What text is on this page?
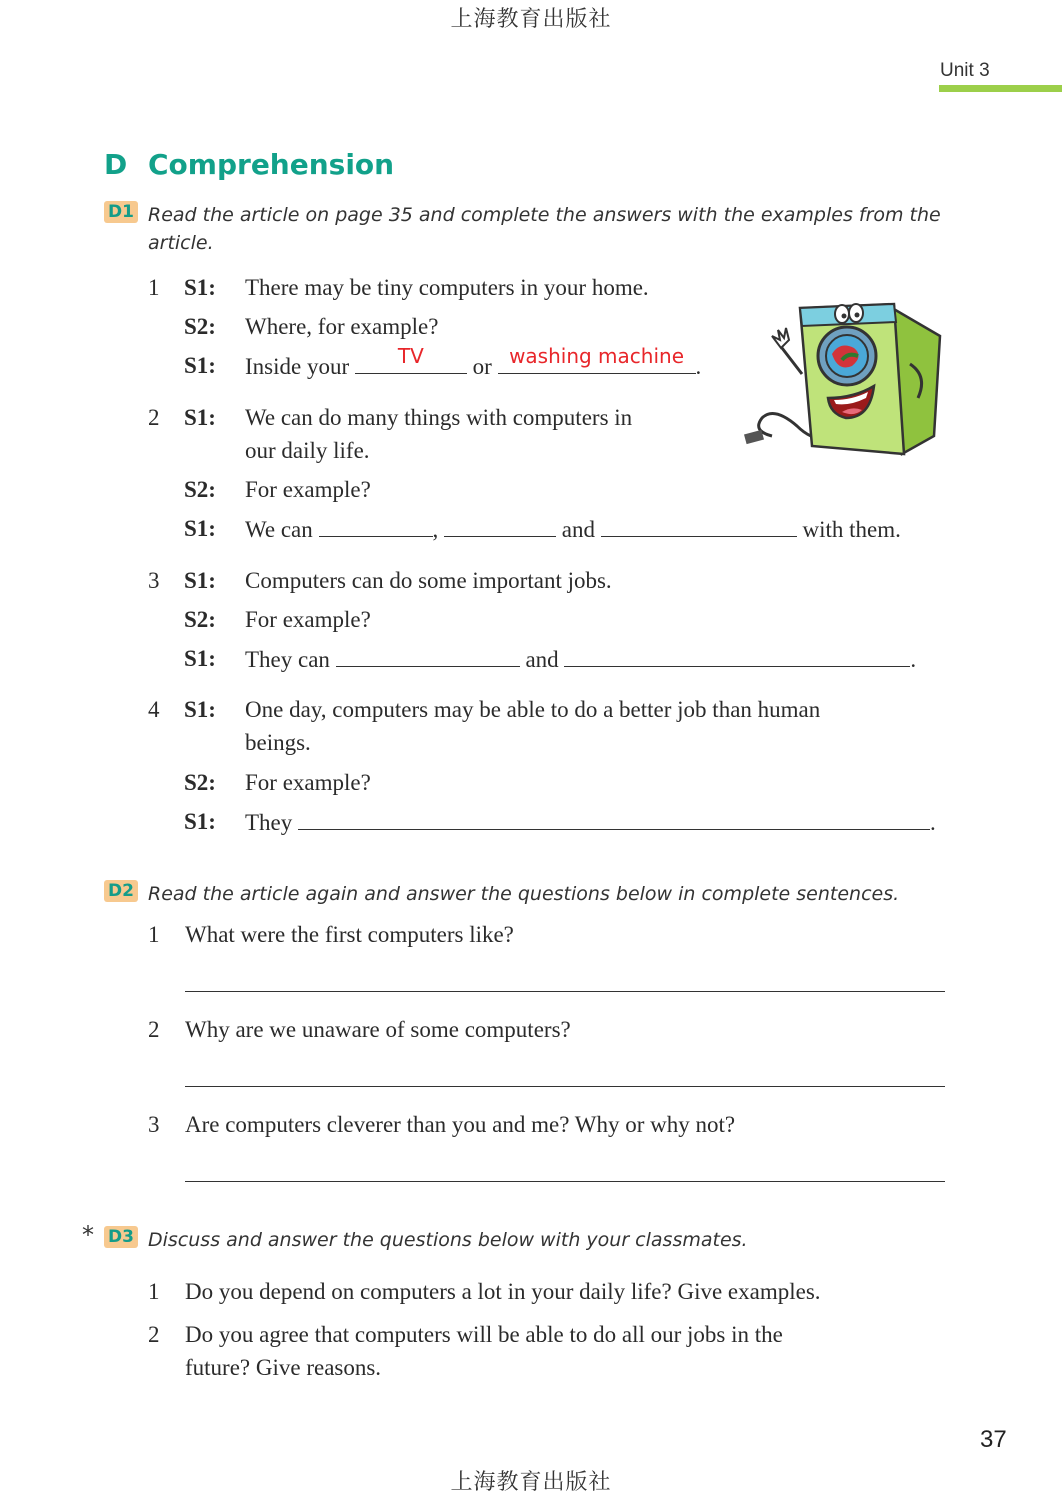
上海教育出版社
Unit 3
D Comprehension
D1 Read the article on page 35 and complete the answers with the examples from the
article.
1 S1: There may be tiny computers in your home.
S2: Where, for example?
S1: Inside your	TV	or washing machine .
2 S1: We can do many things with computers in
our daily life.
S2: For example?
S1: We can	,	and	with them.
3 S1: Computers can do some important jobs.
S2: For example?
S1: They can	and	.
4 S1: One day, computers may be able to do a better job than human
beings.
S2: For example?
S1: They	.
D2 Read the article again and answer the questions below in complete sentences.
1 What were the first computers like?
2 Why are we unaware of some computers?
3 Are computers cleverer than you and me? Why or why not?
* D3 Discuss and answer the questions below with your classmates.
1 Do you depend on computers a lot in your daily life? Give examples.
2 Do you agree that computers will be able to do all our jobs in the
future? Give reasons.
37
上海教育出版社
